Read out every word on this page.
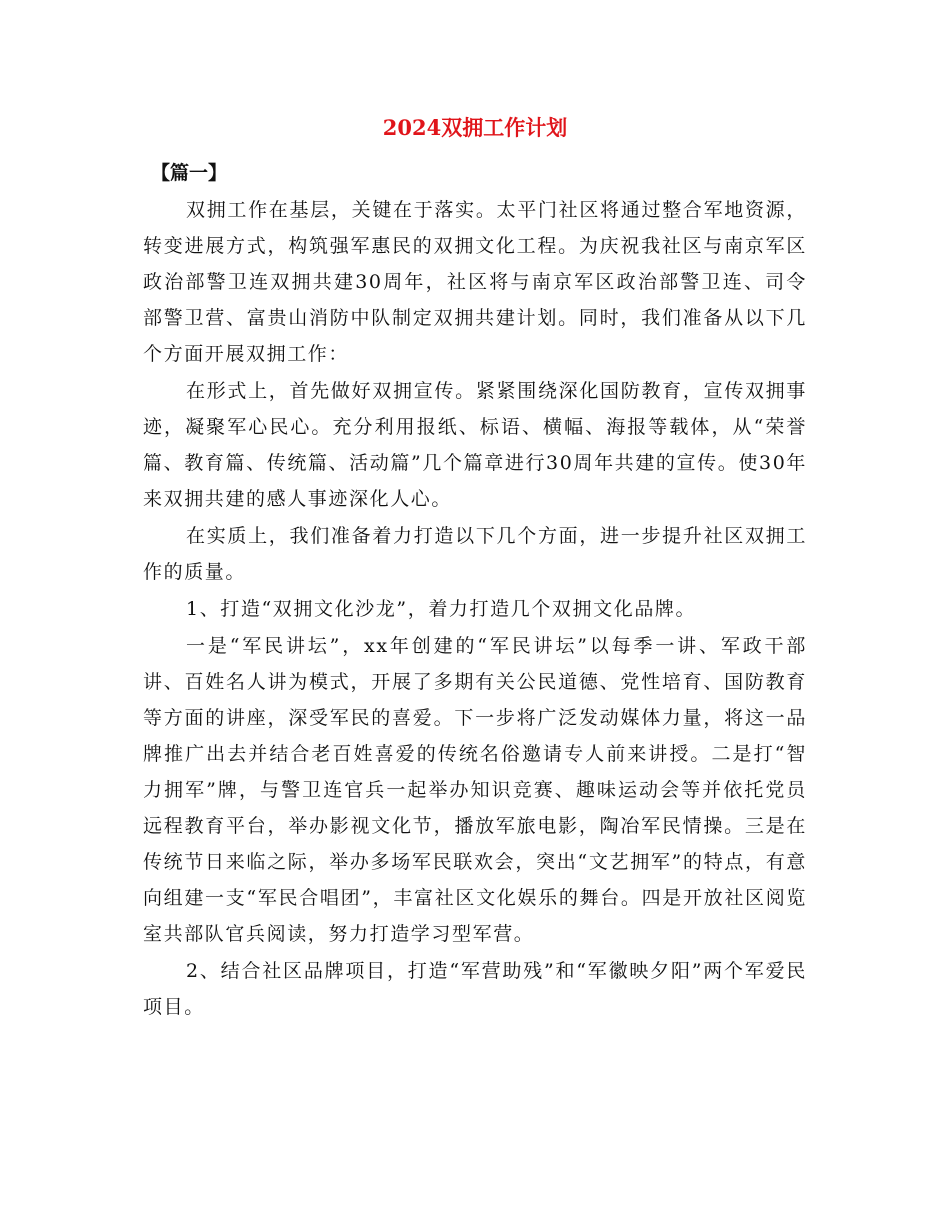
2024双拥工作计划

【篇一】

双拥工作在基层，关键在于落实。太平门社区将通过整合军地资源，转变进展方式，构筑强军惠民的双拥文化工程。为庆祝我社区与南京军区政治部警卫连双拥共建30周年，社区将与南京军区政治部警卫连、司令部警卫营、富贵山消防中队制定双拥共建计划。同时，我们准备从以下几个方面开展双拥工作：

在形式上，首先做好双拥宣传。紧紧围绕深化国防教育，宣传双拥事迹，凝聚军心民心。充分利用报纸、标语、横幅、海报等载体，从“荣誉篇、教育篇、传统篇、活动篇”几个篇章进行30周年共建的宣传。使30年来双拥共建的感人事迹深化人心。

在实质上，我们准备着力打造以下几个方面，进一步提升社区双拥工作的质量。

1、打造“双拥文化沙龙”，着力打造几个双拥文化品牌。

一是“军民讲坛”，xx年创建的“军民讲坛”以每季一讲、军政干部讲、百姓名人讲为模式，开展了多期有关公民道德、党性培育、国防教育等方面的讲座，深受军民的喜爱。下一步将广泛发动媒体力量，将这一品牌推广出去并结合老百姓喜爱的传统名俗邀请专人前来讲授。二是打“智力拥军”牌，与警卫连官兵一起举办知识竞赛、趣味运动会等并依托党员远程教育平台，举办影视文化节，播放军旅电影，陶冶军民情操。三是在传统节日来临之际，举办多场军民联欢会，突出“文艺拥军”的特点，有意向组建一支“军民合唱团”，丰富社区文化娱乐的舞台。四是开放社区阅览室共部队官兵阅读，努力打造学习型军营。

2、结合社区品牌项目，打造“军营助残”和“军徽映夕阳”两个军爱民项目。
